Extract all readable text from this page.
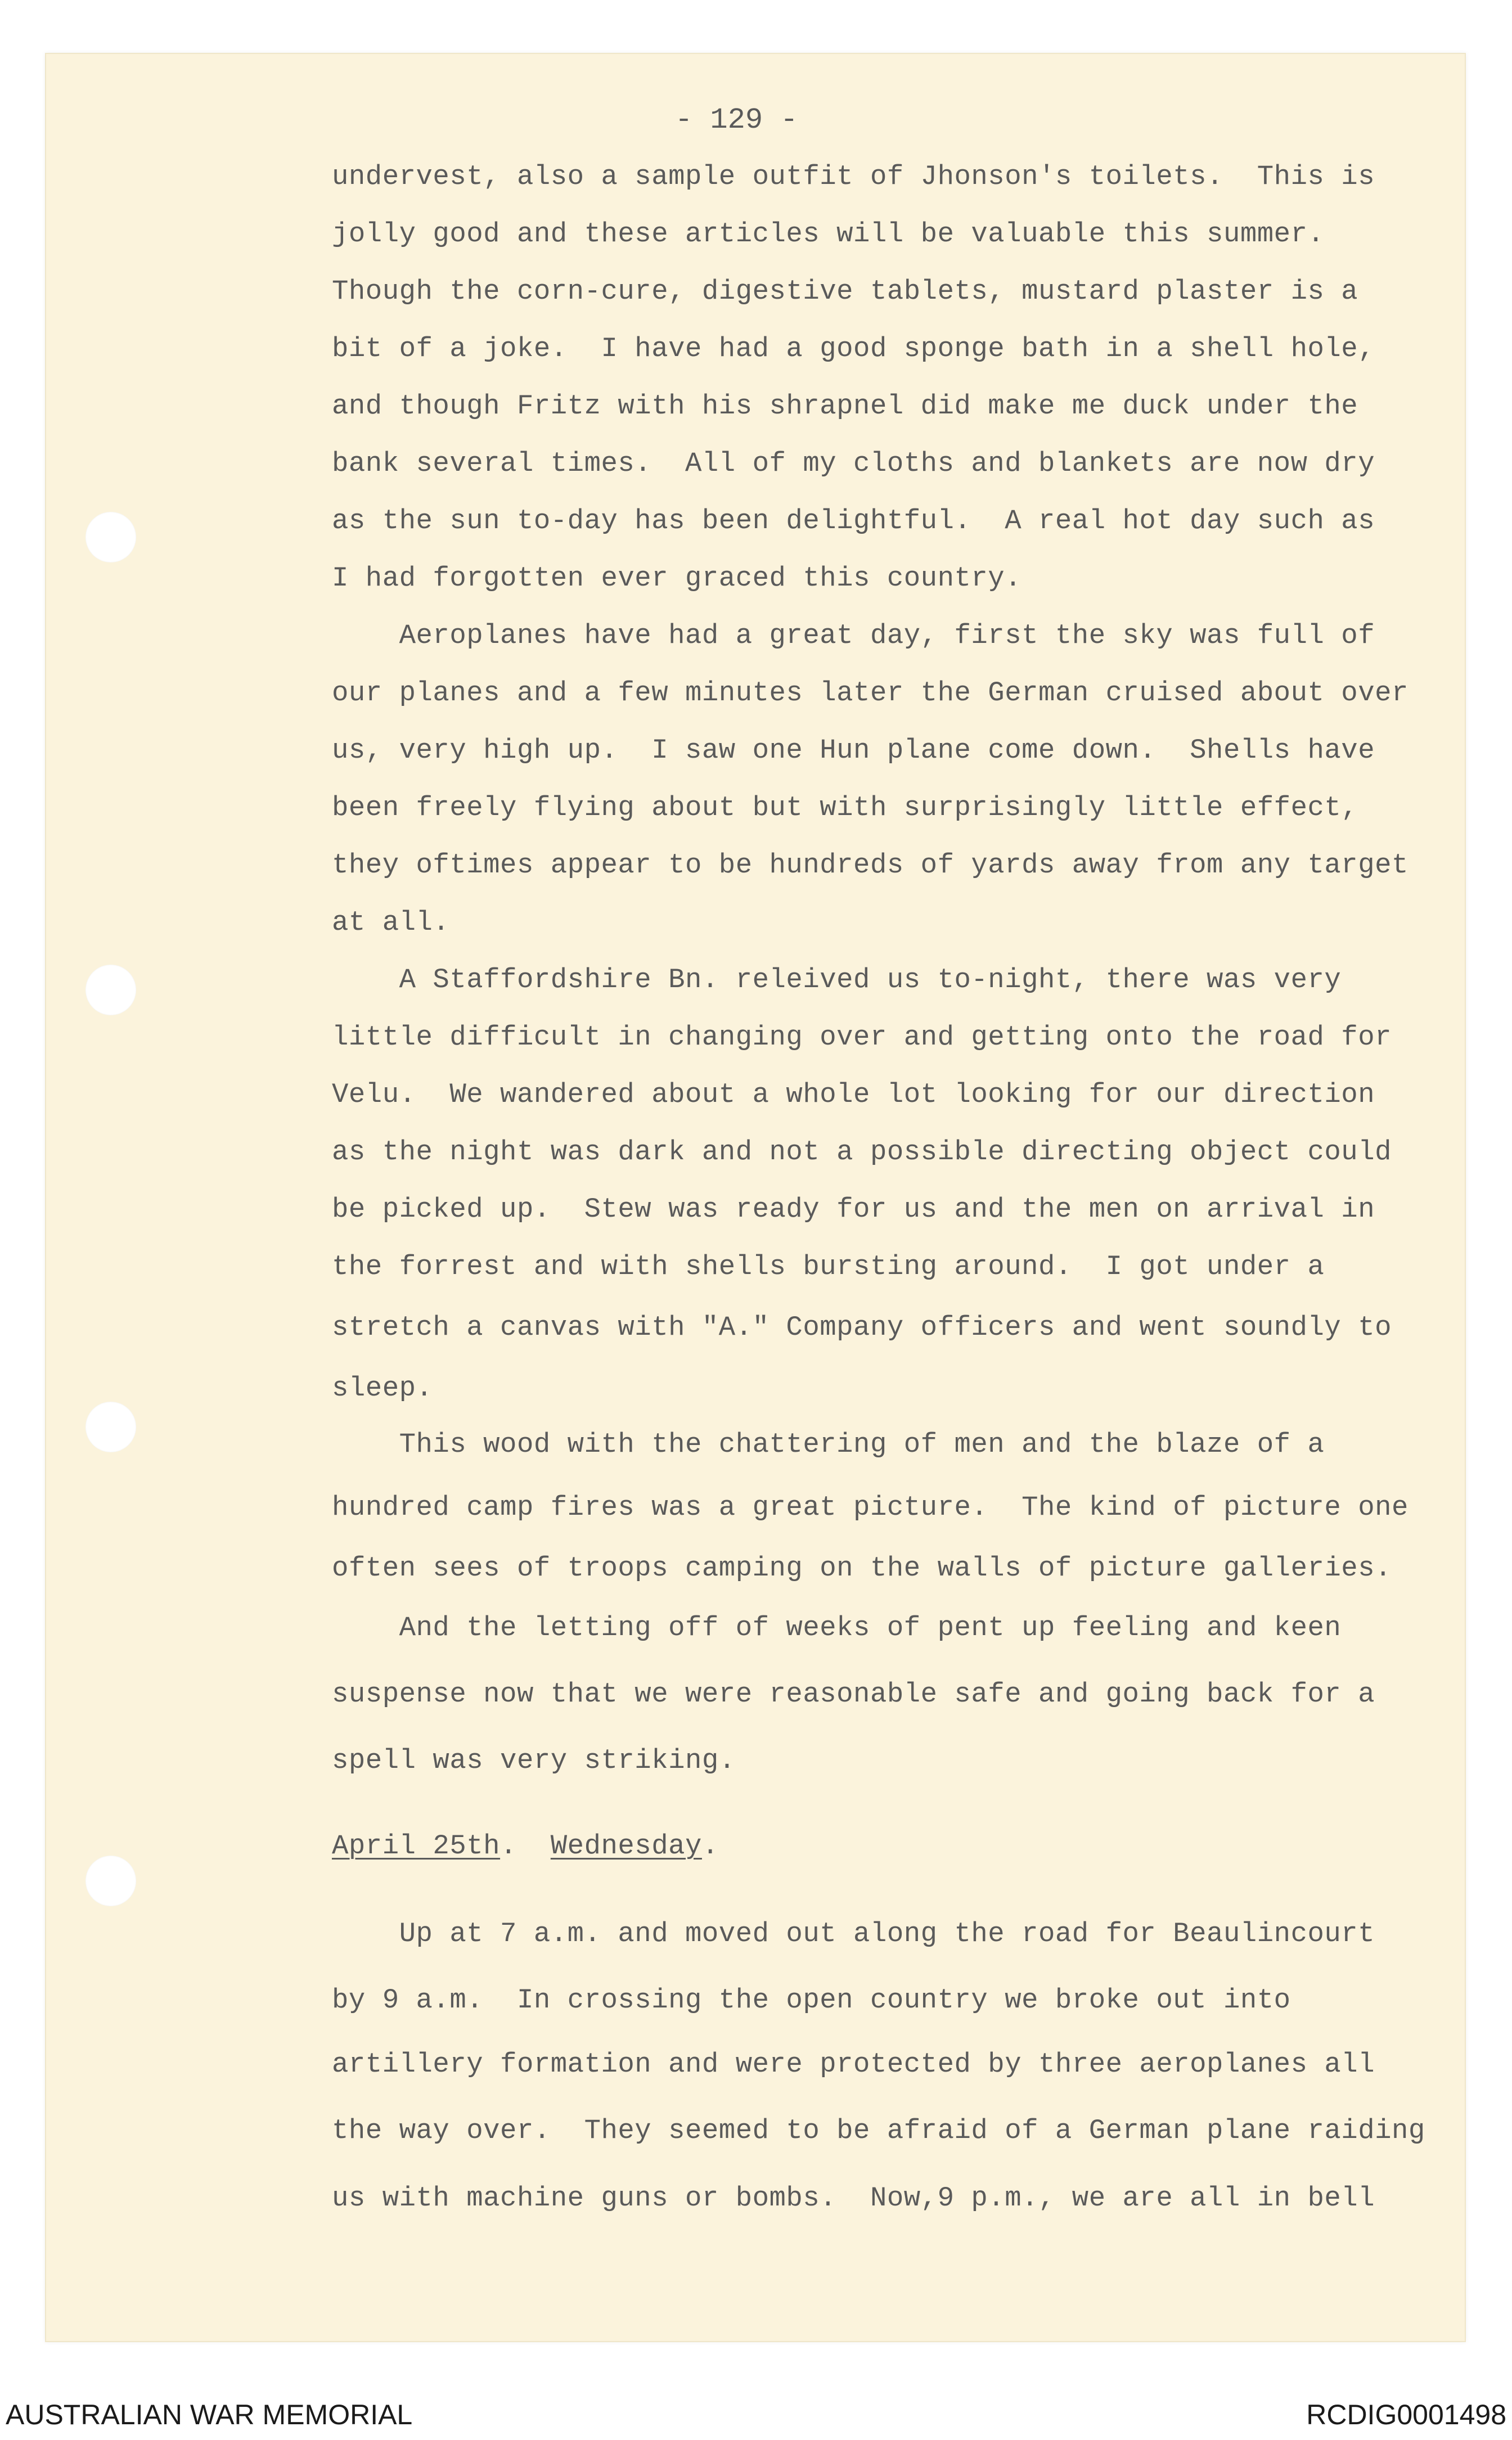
- 129 -
undervest, also a sample outfit of Jhonson's toilets.  This is
jolly good and these articles will be valuable this summer.
Though the corn-cure, digestive tablets, mustard plaster is a
bit of a joke.  I have had a good sponge bath in a shell hole,
and though Fritz with his shrapnel did make me duck under the
bank several times.  All of my cloths and blankets are now dry
as the sun to-day has been delightful.  A real hot day such as
I had forgotten ever graced this country.
Aeroplanes have had a great day, first the sky was full of
our planes and a few minutes later the German cruised about over
us, very high up.  I saw one Hun plane come down.  Shells have
been freely flying about but with surprisingly little effect,
they oftimes appear to be hundreds of yards away from any target
at all.
A Staffordshire Bn. releived us to-night, there was very
little difficult in changing over and getting onto the road for
Velu.  We wandered about a whole lot looking for our direction
as the night was dark and not a possible directing object could
be picked up.  Stew was ready for us and the men on arrival in
the forrest and with shells bursting around.  I got under a
stretch a canvas with "A." Company officers and went soundly to
sleep.
This wood with the chattering of men and the blaze of a
hundred camp fires was a great picture.  The kind of picture one
often sees of troops camping on the walls of picture galleries.
And the letting off of weeks of pent up feeling and keen
suspense now that we were reasonable safe and going back for a
spell was very striking.
April 25th.  Wednesday.
Up at 7 a.m. and moved out along the road for Beaulincourt
by 9 a.m.  In crossing the open country we broke out into
artillery formation and were protected by three aeroplanes all
the way over.  They seemed to be afraid of a German plane raiding
us with machine guns or bombs.  Now,9 p.m., we are all in bell
AUSTRALIAN WAR MEMORIAL	RCDIG0001498
